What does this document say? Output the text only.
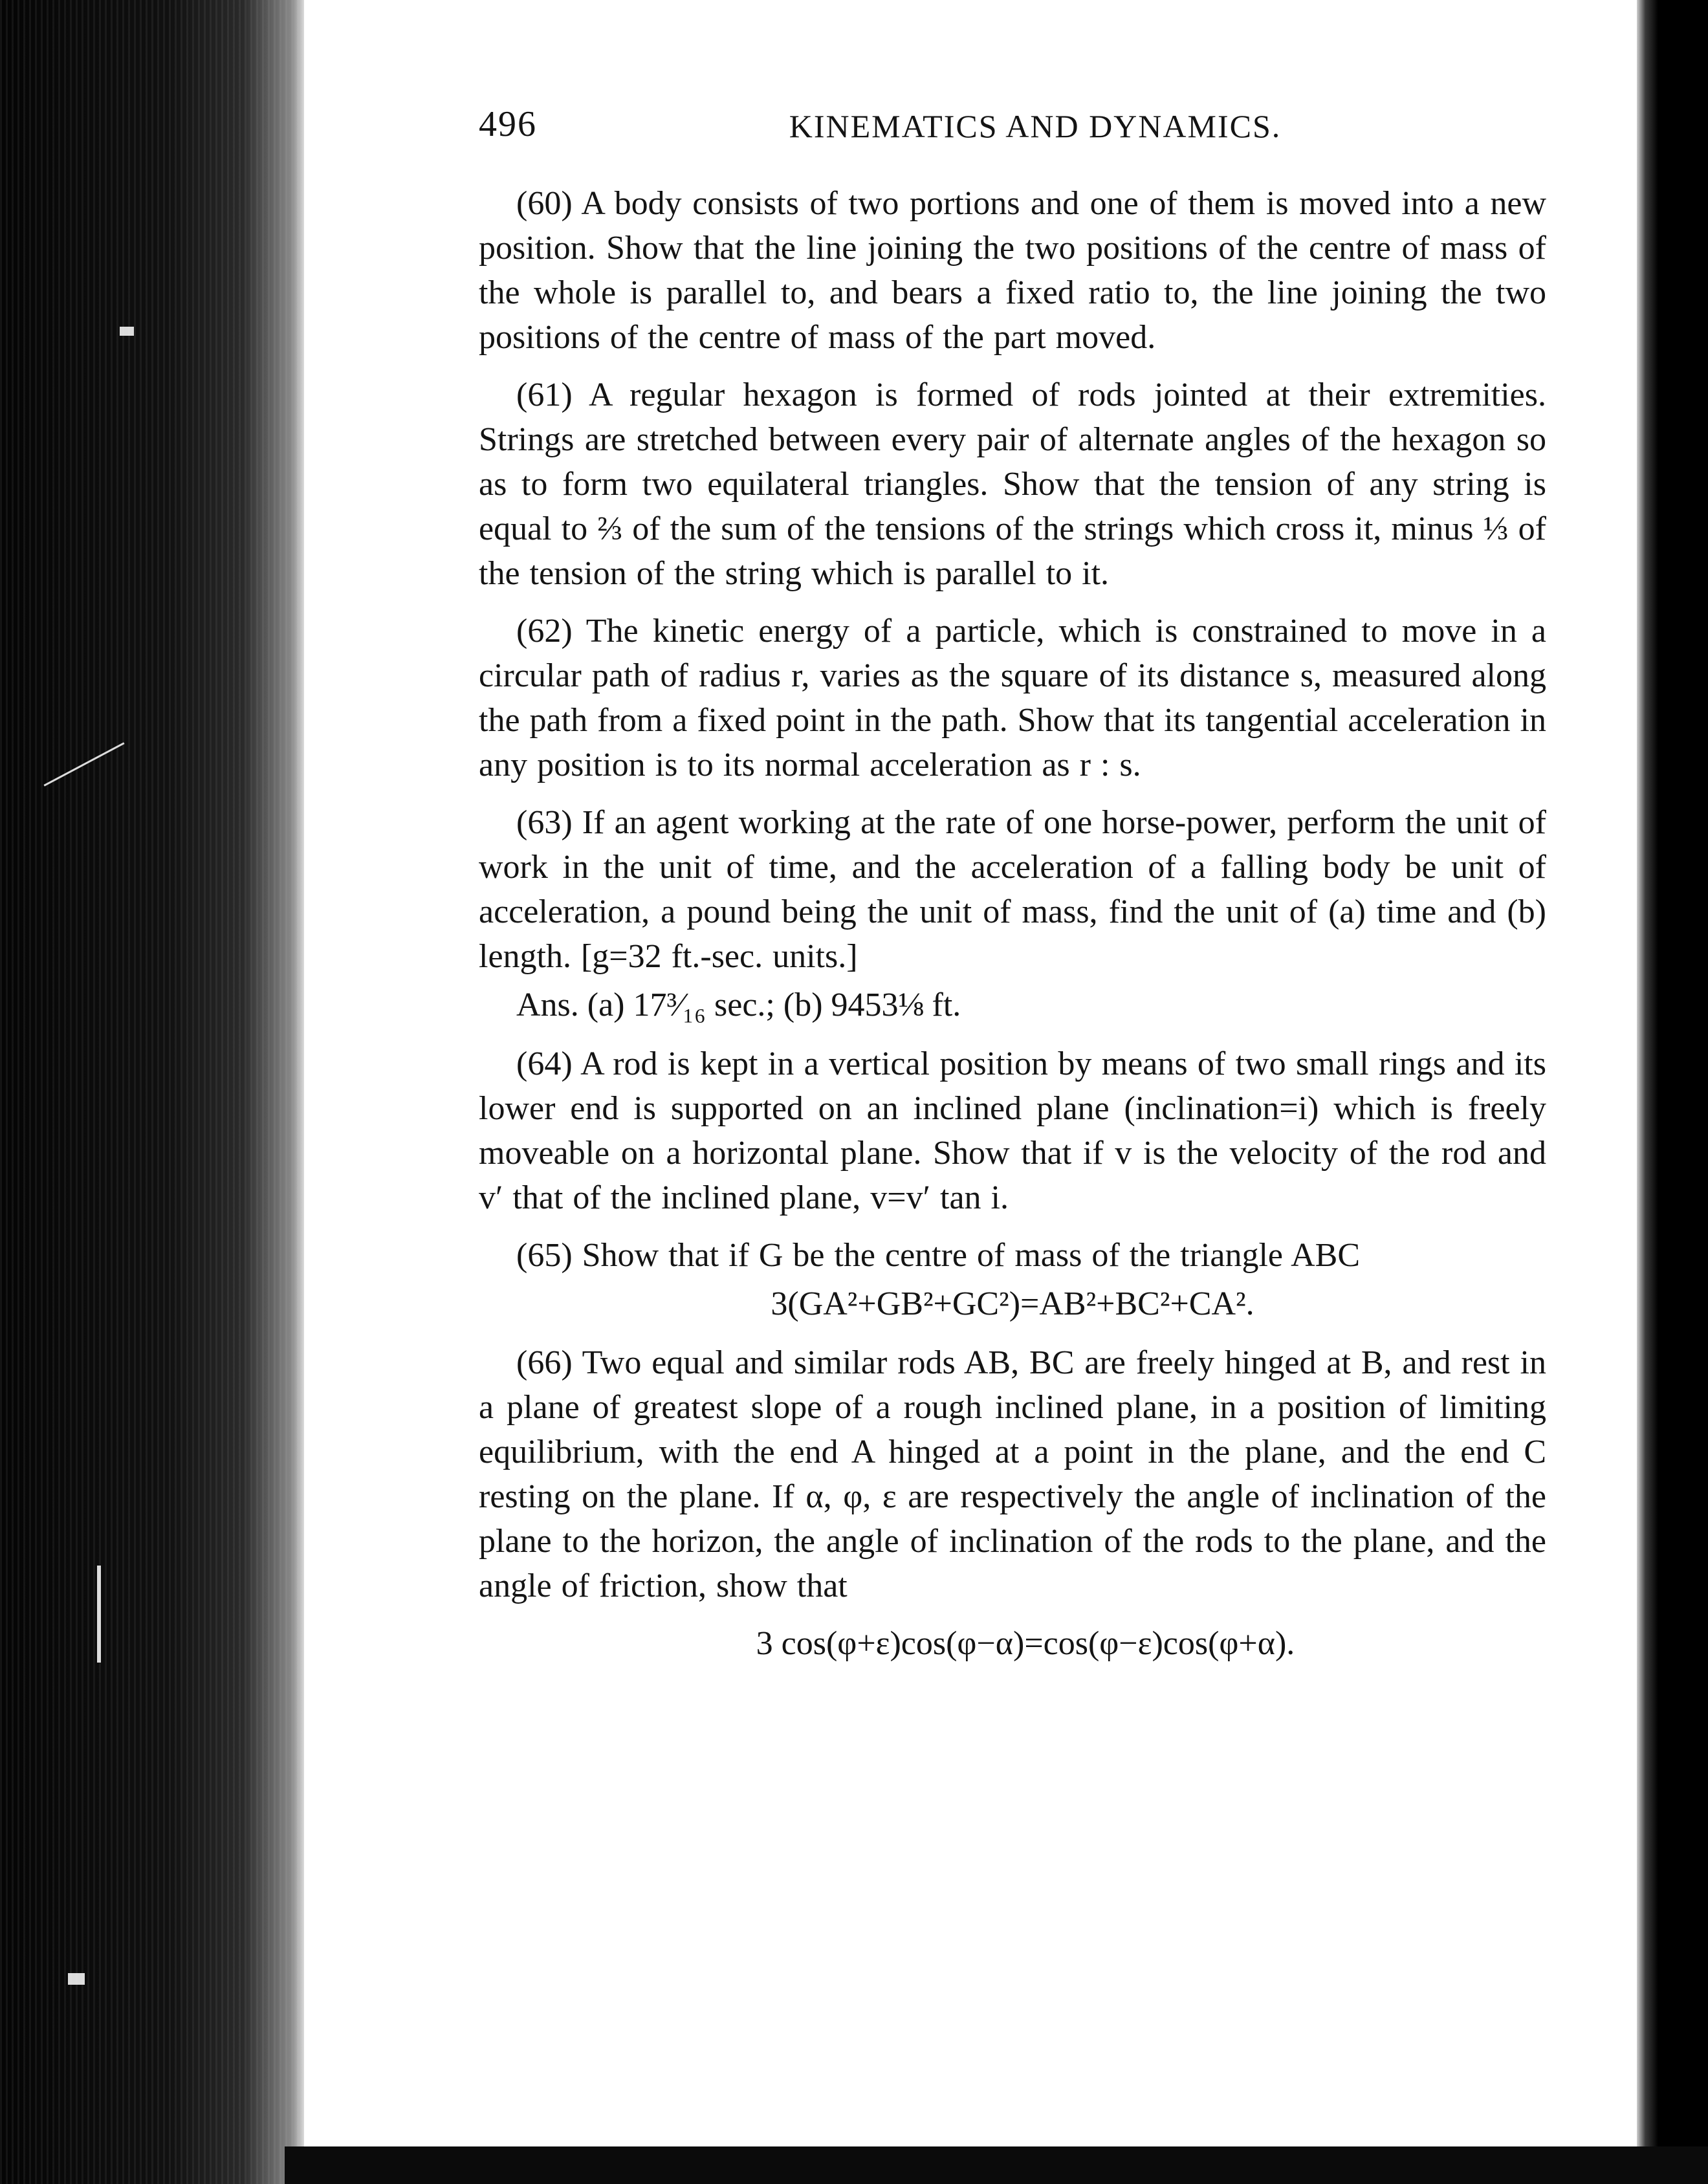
496	KINEMATICS AND DYNAMICS.

(60) A body consists of two portions and one of them is moved into a new position. Show that the line joining the two positions of the centre of mass of the whole is parallel to, and bears a fixed ratio to, the line joining the two positions of the centre of mass of the part moved.

(61) A regular hexagon is formed of rods jointed at their extremities. Strings are stretched between every pair of alternate angles of the hexagon so as to form two equilateral triangles. Show that the tension of any string is equal to ⅔ of the sum of the tensions of the strings which cross it, minus ⅓ of the tension of the string which is parallel to it.

(62) The kinetic energy of a particle, which is constrained to move in a circular path of radius r, varies as the square of its distance s, measured along the path from a fixed point in the path. Show that its tangential acceleration in any position is to its normal acceleration as r : s.

(63) If an agent working at the rate of one horse-power, perform the unit of work in the unit of time, and the acceleration of a falling body be unit of acceleration, a pound being the unit of mass, find the unit of (a) time and (b) length. [g=32 ft.-sec. units.]

Ans. (a) 17³⁄₁₆ sec.; (b) 9453⅛ ft.

(64) A rod is kept in a vertical position by means of two small rings and its lower end is supported on an inclined plane (inclination=i) which is freely moveable on a horizontal plane. Show that if v is the velocity of the rod and v′ that of the inclined plane, v=v′ tan i.

(65) Show that if G be the centre of mass of the triangle ABC

3(GA²+GB²+GC²)=AB²+BC²+CA².

(66) Two equal and similar rods AB, BC are freely hinged at B, and rest in a plane of greatest slope of a rough inclined plane, in a position of limiting equilibrium, with the end A hinged at a point in the plane, and the end C resting on the plane. If α, φ, ε are respectively the angle of inclination of the plane to the horizon, the angle of inclination of the rods to the plane, and the angle of friction, show that

3 cos(φ+ε)cos(φ−α)=cos(φ−ε)cos(φ+α).
